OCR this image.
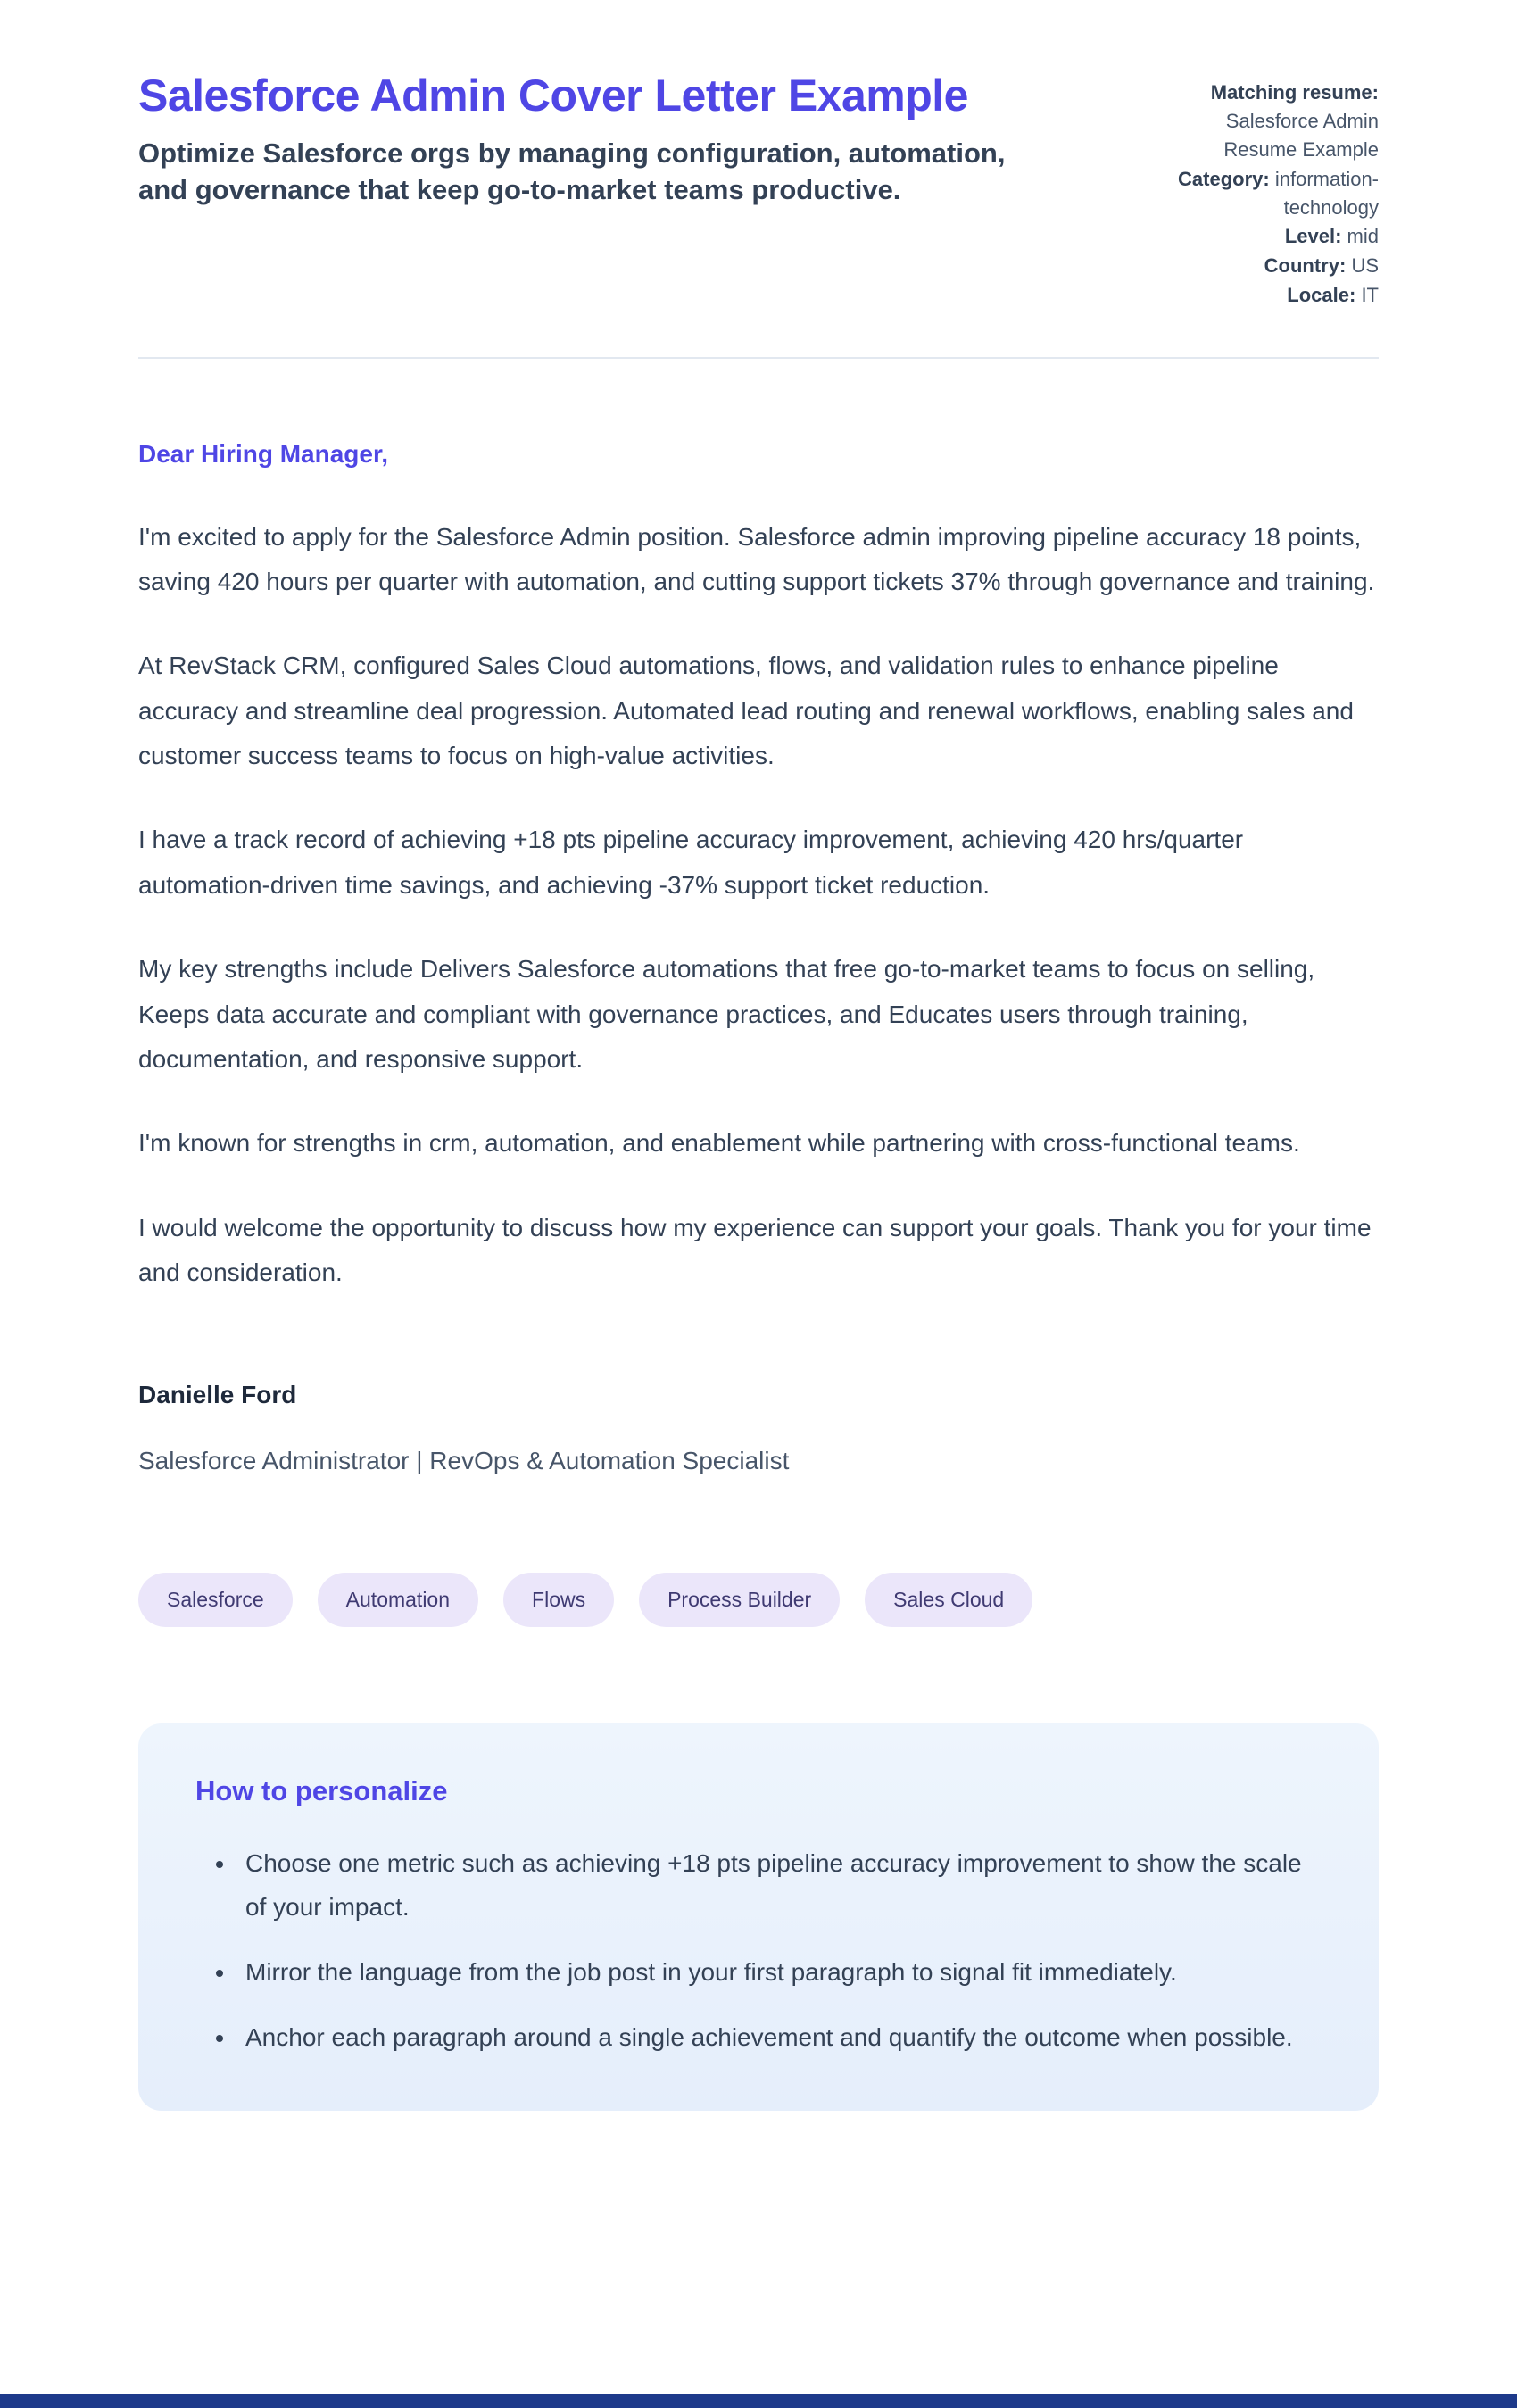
Salesforce Admin Cover Letter Example

Optimize Salesforce orgs by managing configuration, automation, and governance that keep go-to-market teams productive.

Matching resume: Salesforce Admin Resume Example
Category: information-technology
Level: mid
Country: US
Locale: IT

Dear Hiring Manager,

I'm excited to apply for the Salesforce Admin position. Salesforce admin improving pipeline accuracy 18 points, saving 420 hours per quarter with automation, and cutting support tickets 37% through governance and training.

At RevStack CRM, configured Sales Cloud automations, flows, and validation rules to enhance pipeline accuracy and streamline deal progression. Automated lead routing and renewal workflows, enabling sales and customer success teams to focus on high-value activities.

I have a track record of achieving +18 pts pipeline accuracy improvement, achieving 420 hrs/quarter automation-driven time savings, and achieving -37% support ticket reduction.

My key strengths include Delivers Salesforce automations that free go-to-market teams to focus on selling, Keeps data accurate and compliant with governance practices, and Educates users through training, documentation, and responsive support.

I'm known for strengths in crm, automation, and enablement while partnering with cross-functional teams.

I would welcome the opportunity to discuss how my experience can support your goals. Thank you for your time and consideration.

Danielle Ford

Salesforce Administrator | RevOps & Automation Specialist

Salesforce	Automation	Flows	Process Builder	Sales Cloud
How to personalize
• Choose one metric such as achieving +18 pts pipeline accuracy improvement to show the scale of your impact.
• Mirror the language from the job post in your first paragraph to signal fit immediately.
• Anchor each paragraph around a single achievement and quantify the outcome when possible.
